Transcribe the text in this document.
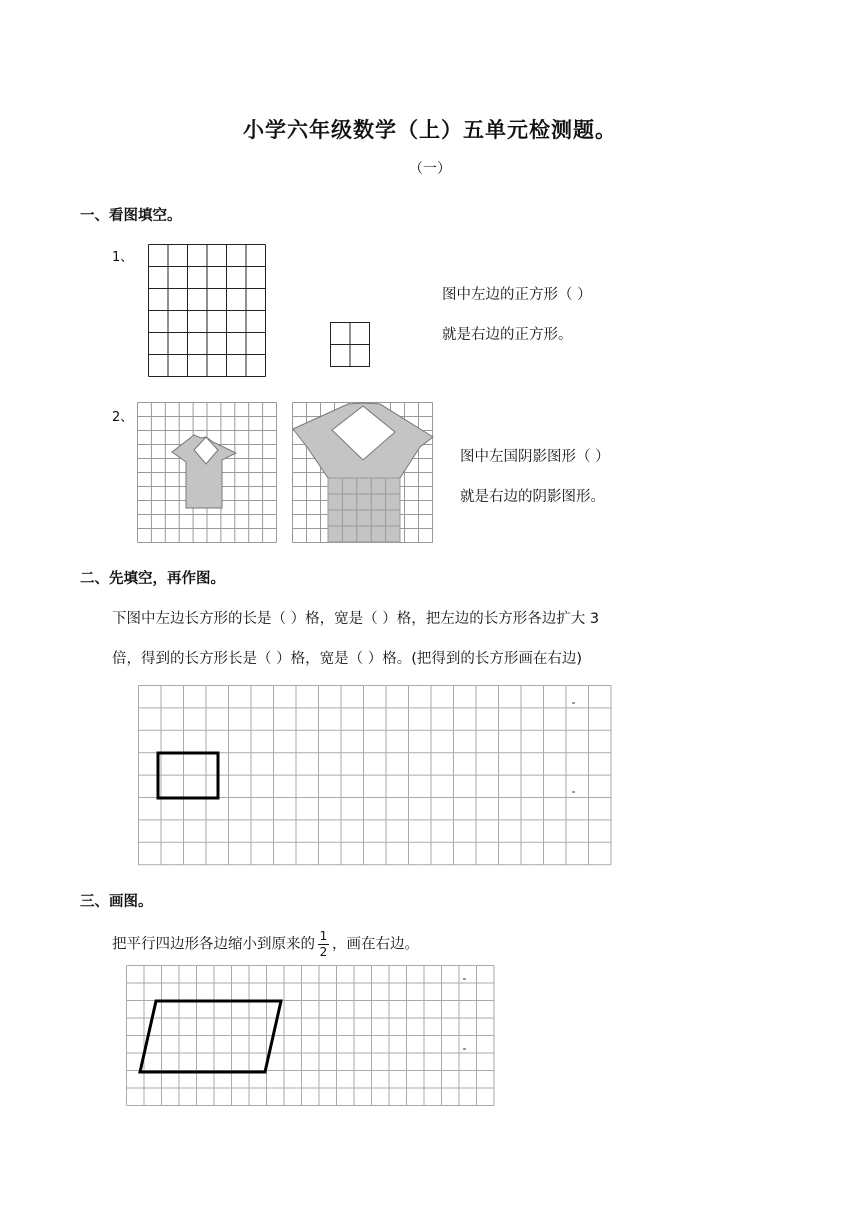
小学六年级数学（上）五单元检测题。
（一）
一、看图填空。
1、
图中左边的正方形（ ）
就是右边的正方形。
2、
图中左国阴影图形（ ）
就是右边的阴影图形。
二、先填空，再作图。
下图中左边长方形的长是（ ）格，宽是（ ）格，把左边的长方形各边扩大 3
倍，得到的长方形长是（ ）格，宽是（ ）格。(把得到的长方形画在右边)
三、画图。
把平行四边形各边缩小到原来的 $\frac{1}{2}$ ，画在右边。
